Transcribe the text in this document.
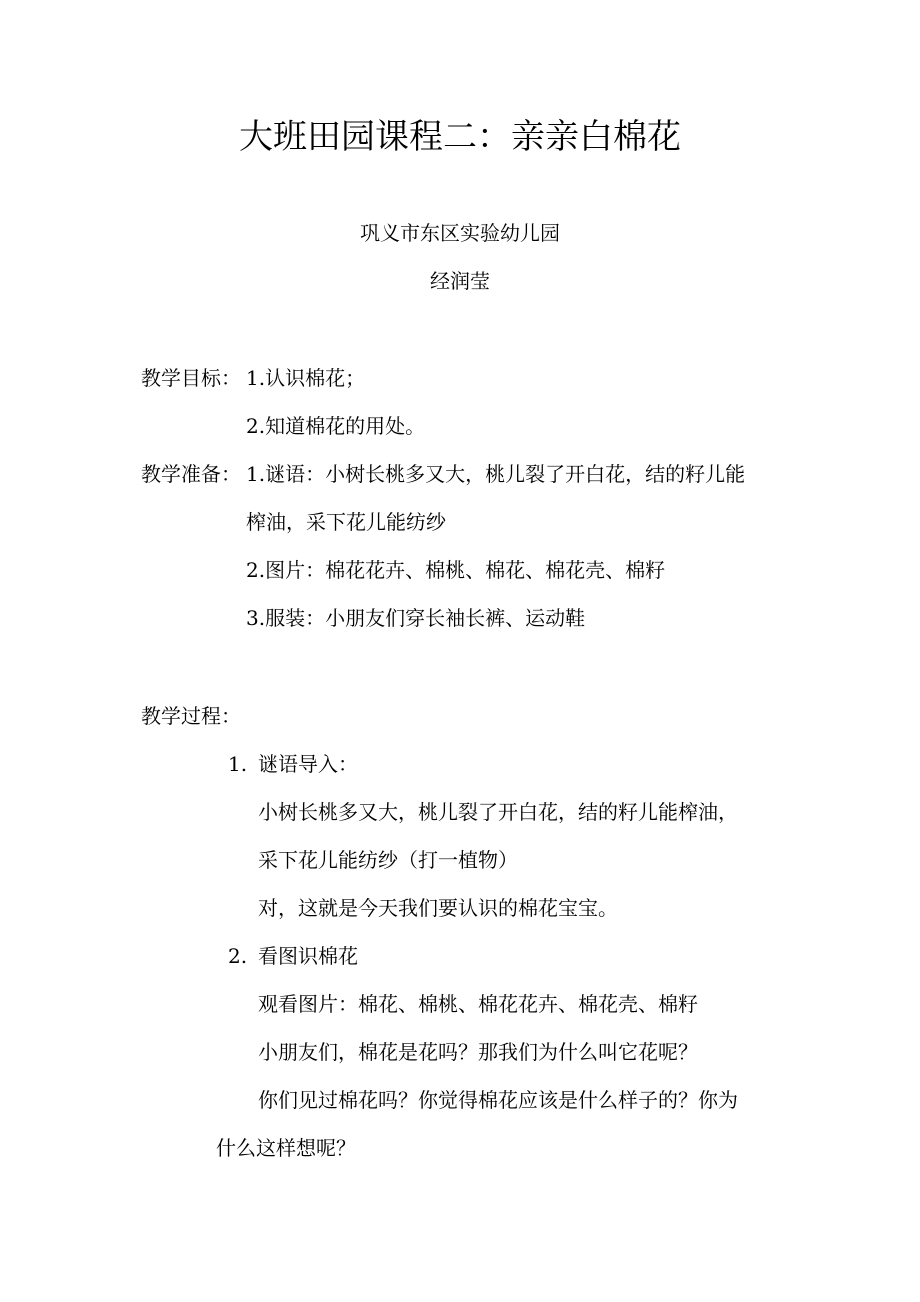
大班田园课程二：亲亲白棉花
巩义市东区实验幼儿园
经润莹
教学目标： 1.认识棉花；
2.知道棉花的用处。
教学准备： 1.谜语：小树长桃多又大，桃儿裂了开白花，结的籽儿能
榨油，采下花儿能纺纱
2.图片：棉花花卉、棉桃、棉花、棉花壳、棉籽
3.服装：小朋友们穿长袖长裤、运动鞋
教学过程：
1. 谜语导入：
小树长桃多又大，桃儿裂了开白花，结的籽儿能榨油，
采下花儿能纺纱（打一植物）
对，这就是今天我们要认识的棉花宝宝。
2. 看图识棉花
观看图片：棉花、棉桃、棉花花卉、棉花壳、棉籽
小朋友们，棉花是花吗？那我们为什么叫它花呢？
你们见过棉花吗？你觉得棉花应该是什么样子的？你为
什么这样想呢？
